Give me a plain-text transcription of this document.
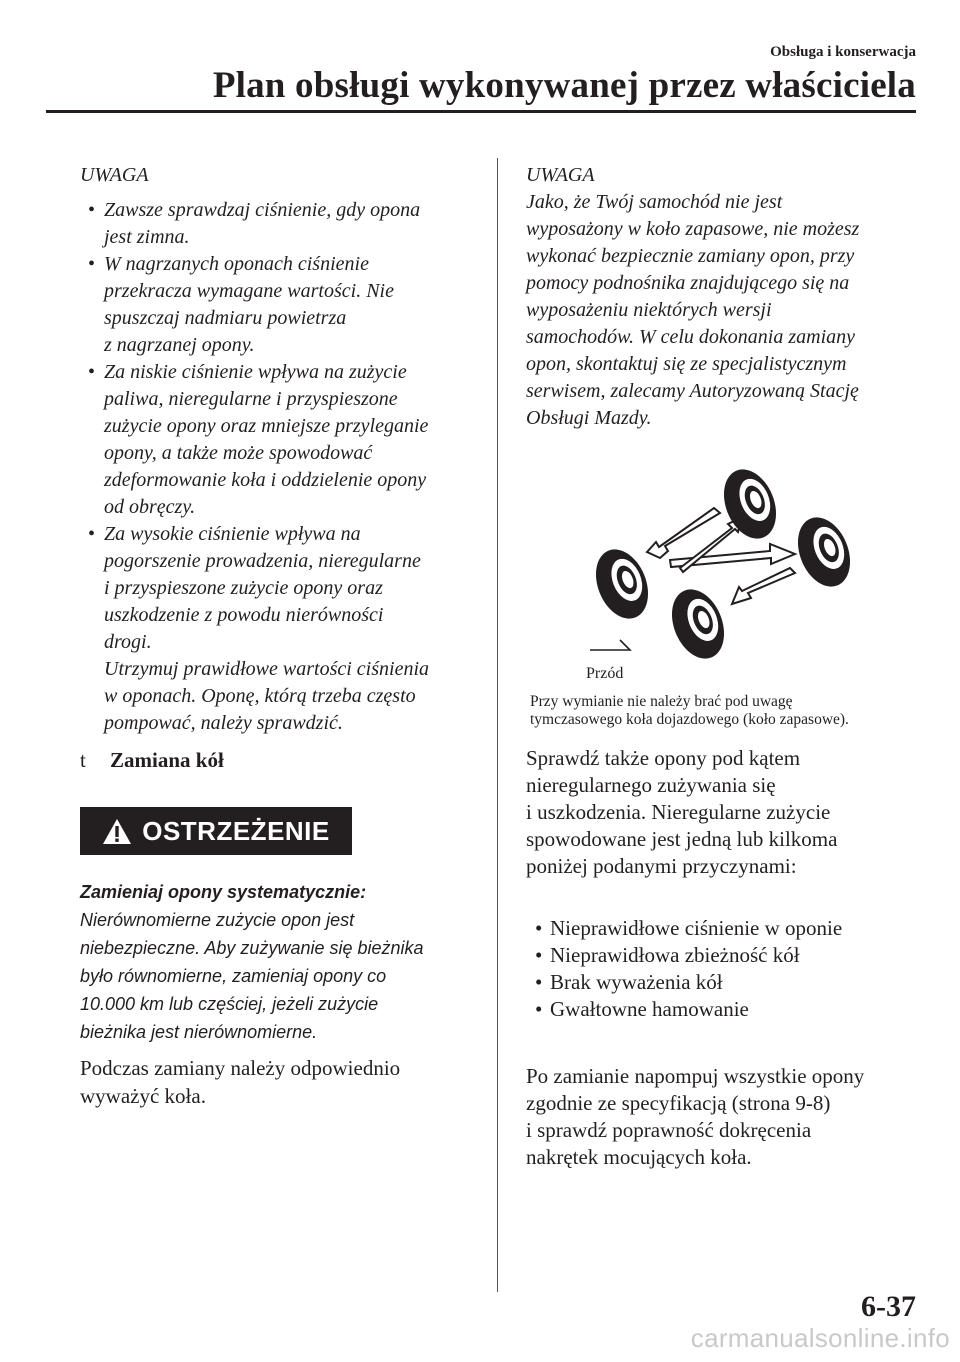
Obsługa i konserwacja
Plan obsługi wykonywanej przez właściciela
UWAGA
• Zawsze sprawdzaj ciśnienie, gdy opona
jest zimna.
• W nagrzanych oponach ciśnienie
przekracza wymagane wartości. Nie
spuszczaj nadmiaru powietrza
z nagrzanej opony.
• Za niskie ciśnienie wpływa na zużycie
paliwa, nieregularne i przyspieszone
zużycie opony oraz mniejsze przyleganie
opony, a także może spowodować
zdeformowanie koła i oddzielenie opony
od obręczy.
• Za wysokie ciśnienie wpływa na
pogorszenie prowadzenia, nieregularne
i przyspieszone zużycie opony oraz
uszkodzenie z powodu nierówności
drogi.
Utrzymuj prawidłowe wartości ciśnienia
w oponach. Oponę, którą trzeba często
pompować, należy sprawdzić.
t Zamiana kół
OSTRZEŻENIE
Zamieniaj opony systematycznie:
Nierównomierne zużycie opon jest
niebezpieczne. Aby zużywanie się bieżnika
było równomierne, zamieniaj opony co
10.000 km lub częściej, jeżeli zużycie
bieżnika jest nierównomierne.
Podczas zamiany należy odpowiednio
wyważyć koła.
UWAGA
Jako, że Twój samochód nie jest
wyposażony w koło zapasowe, nie możesz
wykonać bezpiecznie zamiany opon, przy
pomocy podnośnika znajdującego się na
wyposażeniu niektórych wersji
samochodów. W celu dokonania zamiany
opon, skontaktuj się ze specjalistycznym
serwisem, zalecamy Autoryzowaną Stację
Obsługi Mazdy.
Przód
Przy wymianie nie należy brać pod uwagę
tymczasowego koła dojazdowego (koło zapasowe).
Sprawdź także opony pod kątem
nieregularnego zużywania się
i uszkodzenia. Nieregularne zużycie
spowodowane jest jedną lub kilkoma
poniżej podanymi przyczynami:
• Nieprawidłowe ciśnienie w oponie
• Nieprawidłowa zbieżność kół
• Brak wyważenia kół
• Gwałtowne hamowanie
Po zamianie napompuj wszystkie opony
zgodnie ze specyfikacją (strona 9-8)
i sprawdź poprawność dokręcenia
nakrętek mocujących koła.
6-37
carmanualsonline.info
